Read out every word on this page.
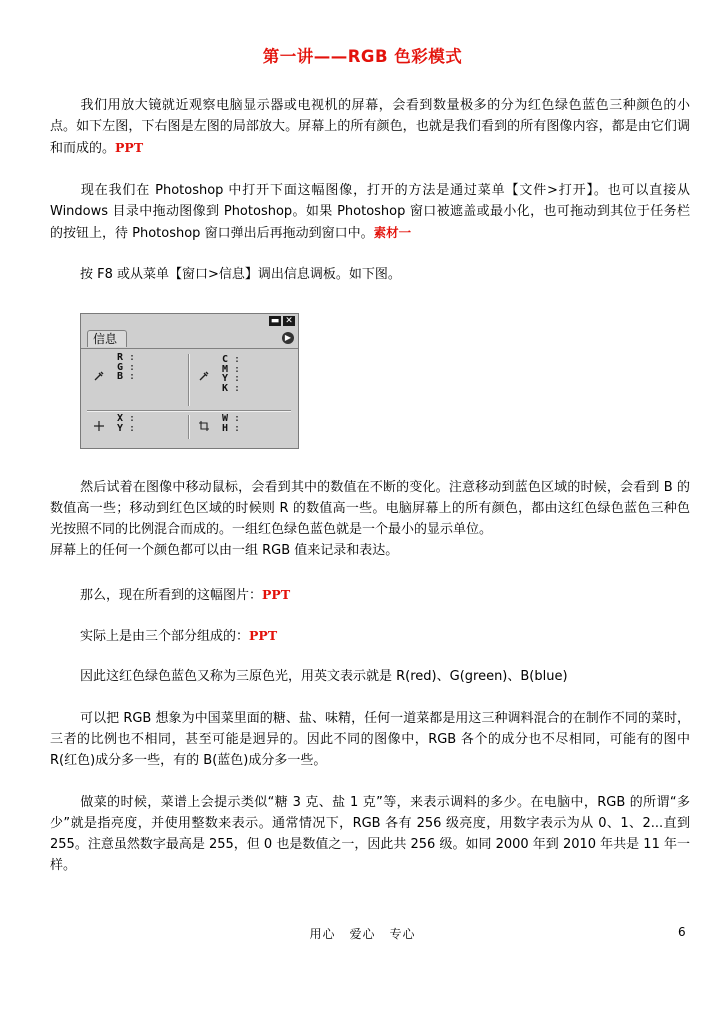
第一讲——RGB 色彩模式

我们用放大镜就近观察电脑显示器或电视机的屏幕，会看到数量极多的分为红色绿色蓝色三种颜色的小点。如下左图，下右图是左图的局部放大。屏幕上的所有颜色，也就是我们看到的所有图像内容，都是由它们调和而成的。PPT

现在我们在 Photoshop 中打开下面这幅图像，打开的方法是通过菜单【文件>打开】。也可以直接从 Windows 目录中拖动图像到 Photoshop。如果 Photoshop 窗口被遮盖或最小化，也可拖动到其位于任务栏的按钮上，待 Photoshop 窗口弹出后再拖动到窗口中。素材一

按 F8 或从菜单【窗口>信息】调出信息调板。如下图。

▬ ✕
信息	▶
R :
G :
B :
C :
M :
Y :
K :
X :
Y :
W :
H :

然后试着在图像中移动鼠标，会看到其中的数值在不断的变化。注意移动到蓝色区域的时候，会看到 B 的数值高一些；移动到红色区域的时候则 R 的数值高一些。电脑屏幕上的所有颜色，都由这红色绿色蓝色三种色光按照不同的比例混合而成的。一组红色绿色蓝色就是一个最小的显示单位。
屏幕上的任何一个颜色都可以由一组 RGB 值来记录和表达。

那么，现在所看到的这幅图片：PPT

实际上是由三个部分组成的：PPT

因此这红色绿色蓝色又称为三原色光，用英文表示就是 R(red)、G(green)、B(blue)

可以把 RGB 想象为中国菜里面的糖、盐、味精，任何一道菜都是用这三种调料混合的在制作不同的菜时，三者的比例也不相同，甚至可能是迥异的。因此不同的图像中，RGB 各个的成分也不尽相同，可能有的图中 R(红色)成分多一些，有的 B(蓝色)成分多一些。

做菜的时候，菜谱上会提示类似“糖 3 克、盐 1 克”等，来表示调料的多少。在电脑中，RGB 的所谓“多少”就是指亮度，并使用整数来表示。通常情况下，RGB 各有 256 级亮度，用数字表示为从 0、1、2...直到 255。注意虽然数字最高是 255，但 0 也是数值之一，因此共 256 级。如同 2000 年到 2010 年共是 11 年一样。

用心 爱心 专心	6
